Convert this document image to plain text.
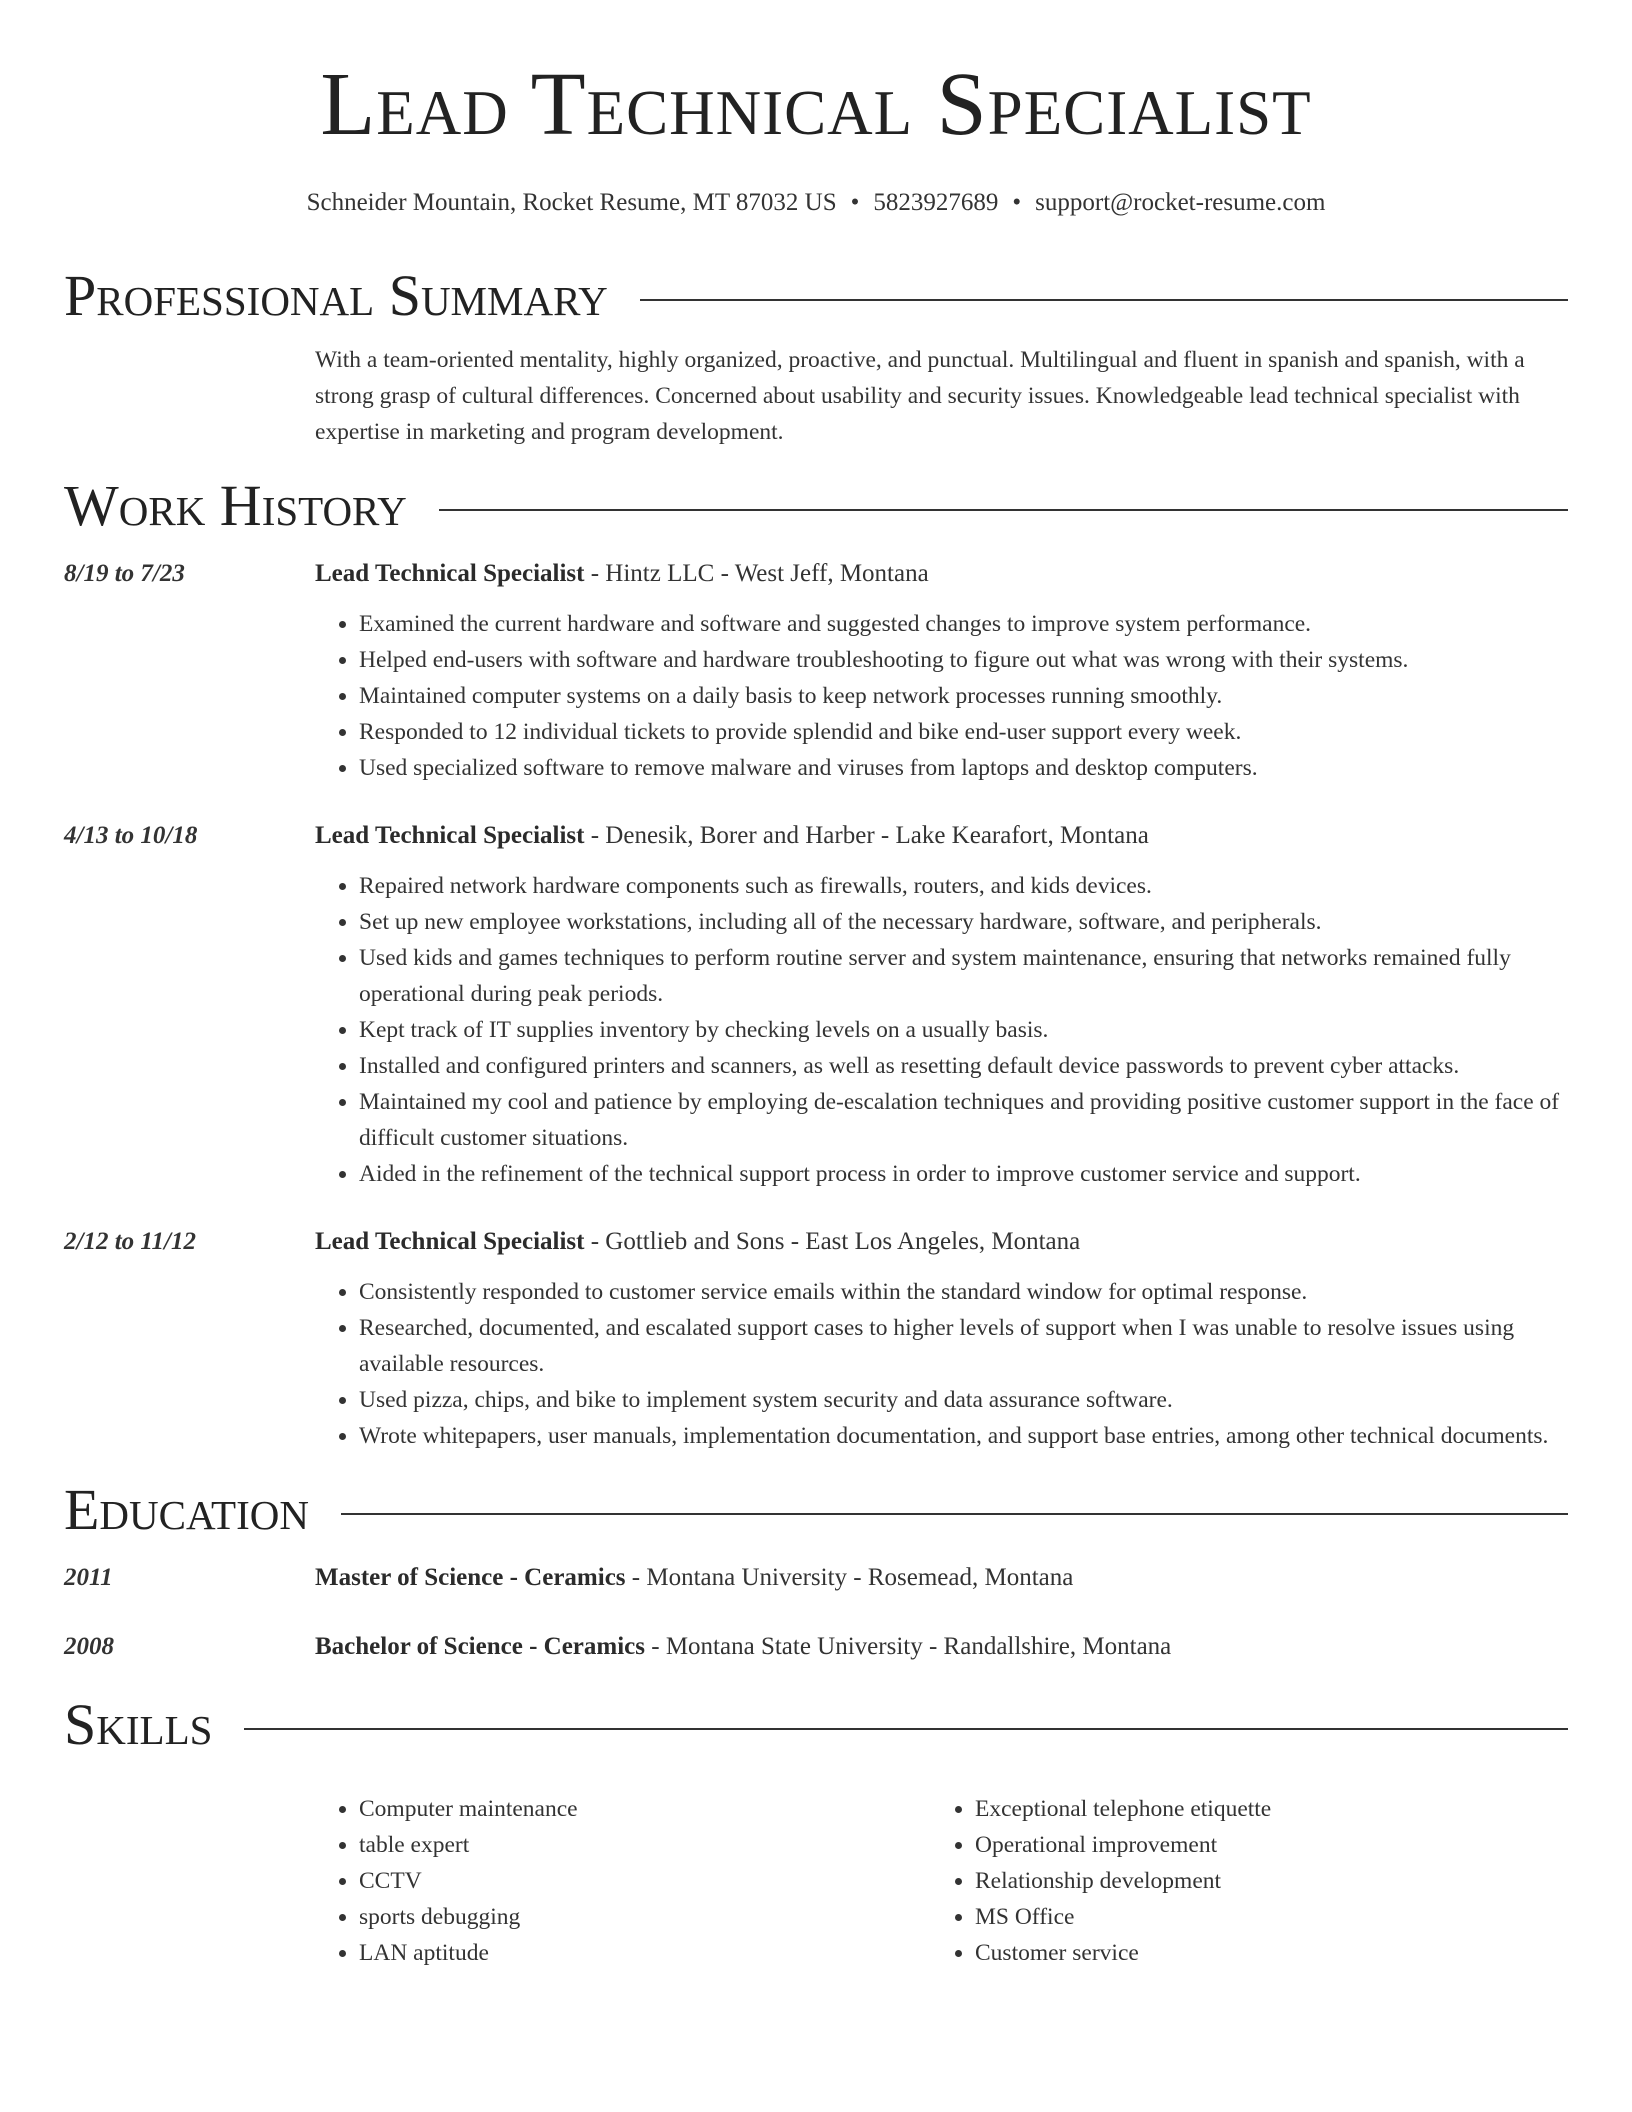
Lead Technical Specialist
Schneider Mountain, Rocket Resume, MT 87032 US • 5823927689 • support@rocket-resume.com
Professional Summary
With a team-oriented mentality, highly organized, proactive, and punctual. Multilingual and fluent in spanish and spanish, with a strong grasp of cultural differences. Concerned about usability and security issues. Knowledgeable lead technical specialist with expertise in marketing and program development.
Work History
8/19 to 7/23	Lead Technical Specialist - Hintz LLC - West Jeff, Montana
• Examined the current hardware and software and suggested changes to improve system performance.
• Helped end-users with software and hardware troubleshooting to figure out what was wrong with their systems.
• Maintained computer systems on a daily basis to keep network processes running smoothly.
• Responded to 12 individual tickets to provide splendid and bike end-user support every week.
• Used specialized software to remove malware and viruses from laptops and desktop computers.
4/13 to 10/18	Lead Technical Specialist - Denesik, Borer and Harber - Lake Kearafort, Montana
• Repaired network hardware components such as firewalls, routers, and kids devices.
• Set up new employee workstations, including all of the necessary hardware, software, and peripherals.
• Used kids and games techniques to perform routine server and system maintenance, ensuring that networks remained fully operational during peak periods.
• Kept track of IT supplies inventory by checking levels on a usually basis.
• Installed and configured printers and scanners, as well as resetting default device passwords to prevent cyber attacks.
• Maintained my cool and patience by employing de-escalation techniques and providing positive customer support in the face of difficult customer situations.
• Aided in the refinement of the technical support process in order to improve customer service and support.
2/12 to 11/12	Lead Technical Specialist - Gottlieb and Sons - East Los Angeles, Montana
• Consistently responded to customer service emails within the standard window for optimal response.
• Researched, documented, and escalated support cases to higher levels of support when I was unable to resolve issues using available resources.
• Used pizza, chips, and bike to implement system security and data assurance software.
• Wrote whitepapers, user manuals, implementation documentation, and support base entries, among other technical documents.
Education
2011	Master of Science - Ceramics - Montana University - Rosemead, Montana
2008	Bachelor of Science - Ceramics - Montana State University - Randallshire, Montana
Skills
• Computer maintenance
• table expert
• CCTV
• sports debugging
• LAN aptitude
• Exceptional telephone etiquette
• Operational improvement
• Relationship development
• MS Office
• Customer service
